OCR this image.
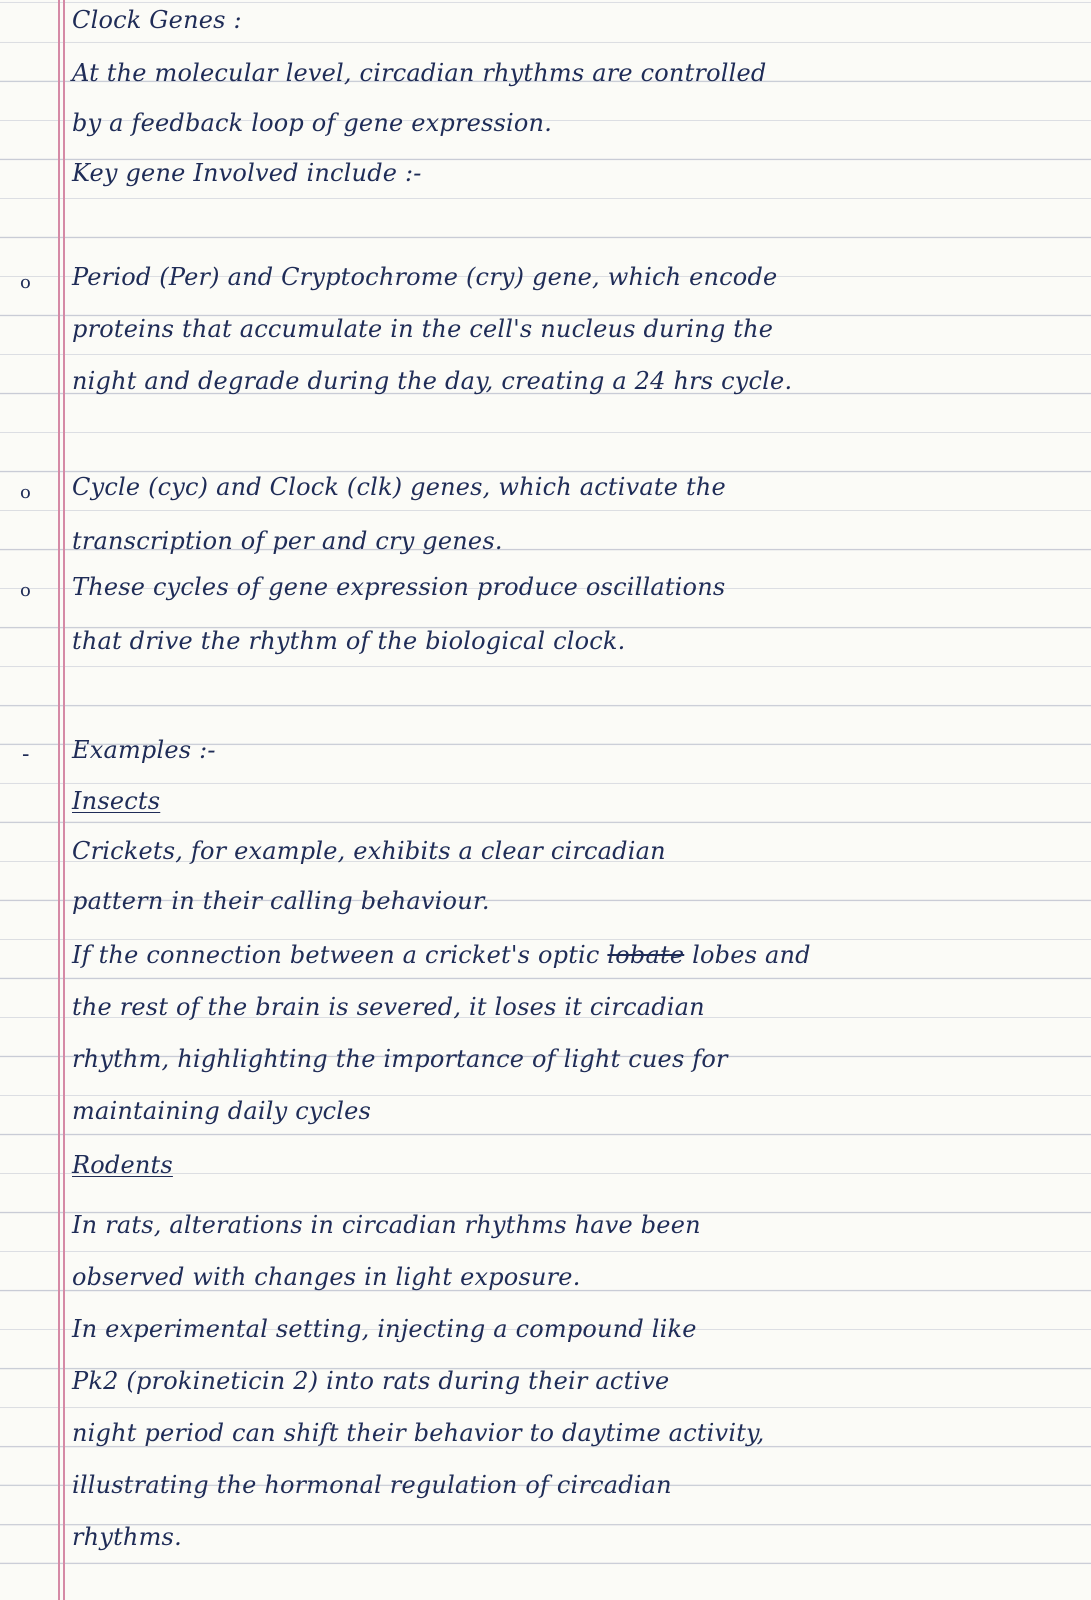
Clock Genes :
At the molecular level, circadian rhythms are controlled
by a feedback loop of gene expression.
Key gene Involved include :-
o Period (Per) and Cryptochrome (cry) gene, which encode
proteins that accumulate in the cell's nucleus during the
night and degrade during the day, creating a 24 hrs cycle.
o Cycle (cyc) and Clock (clk) genes, which activate the
transcription of per and cry genes.
o These cycles of gene expression produce oscillations
that drive the rhythm of the biological clock.
- Examples :-
Insects
Crickets, for example, exhibits a clear circadian
pattern in their calling behaviour.
If the connection between a cricket's optic lobate lobes and
the rest of the brain is severed, it loses it circadian
rhythm, highlighting the importance of light cues for
maintaining daily cycles
Rodents
In rats, alterations in circadian rhythms have been
observed with changes in light exposure.
In experimental setting, injecting a compound like
Pk2 (prokineticin 2) into rats during their active
night period can shift their behavior to daytime activity,
illustrating the hormonal regulation of circadian
rhythms.
